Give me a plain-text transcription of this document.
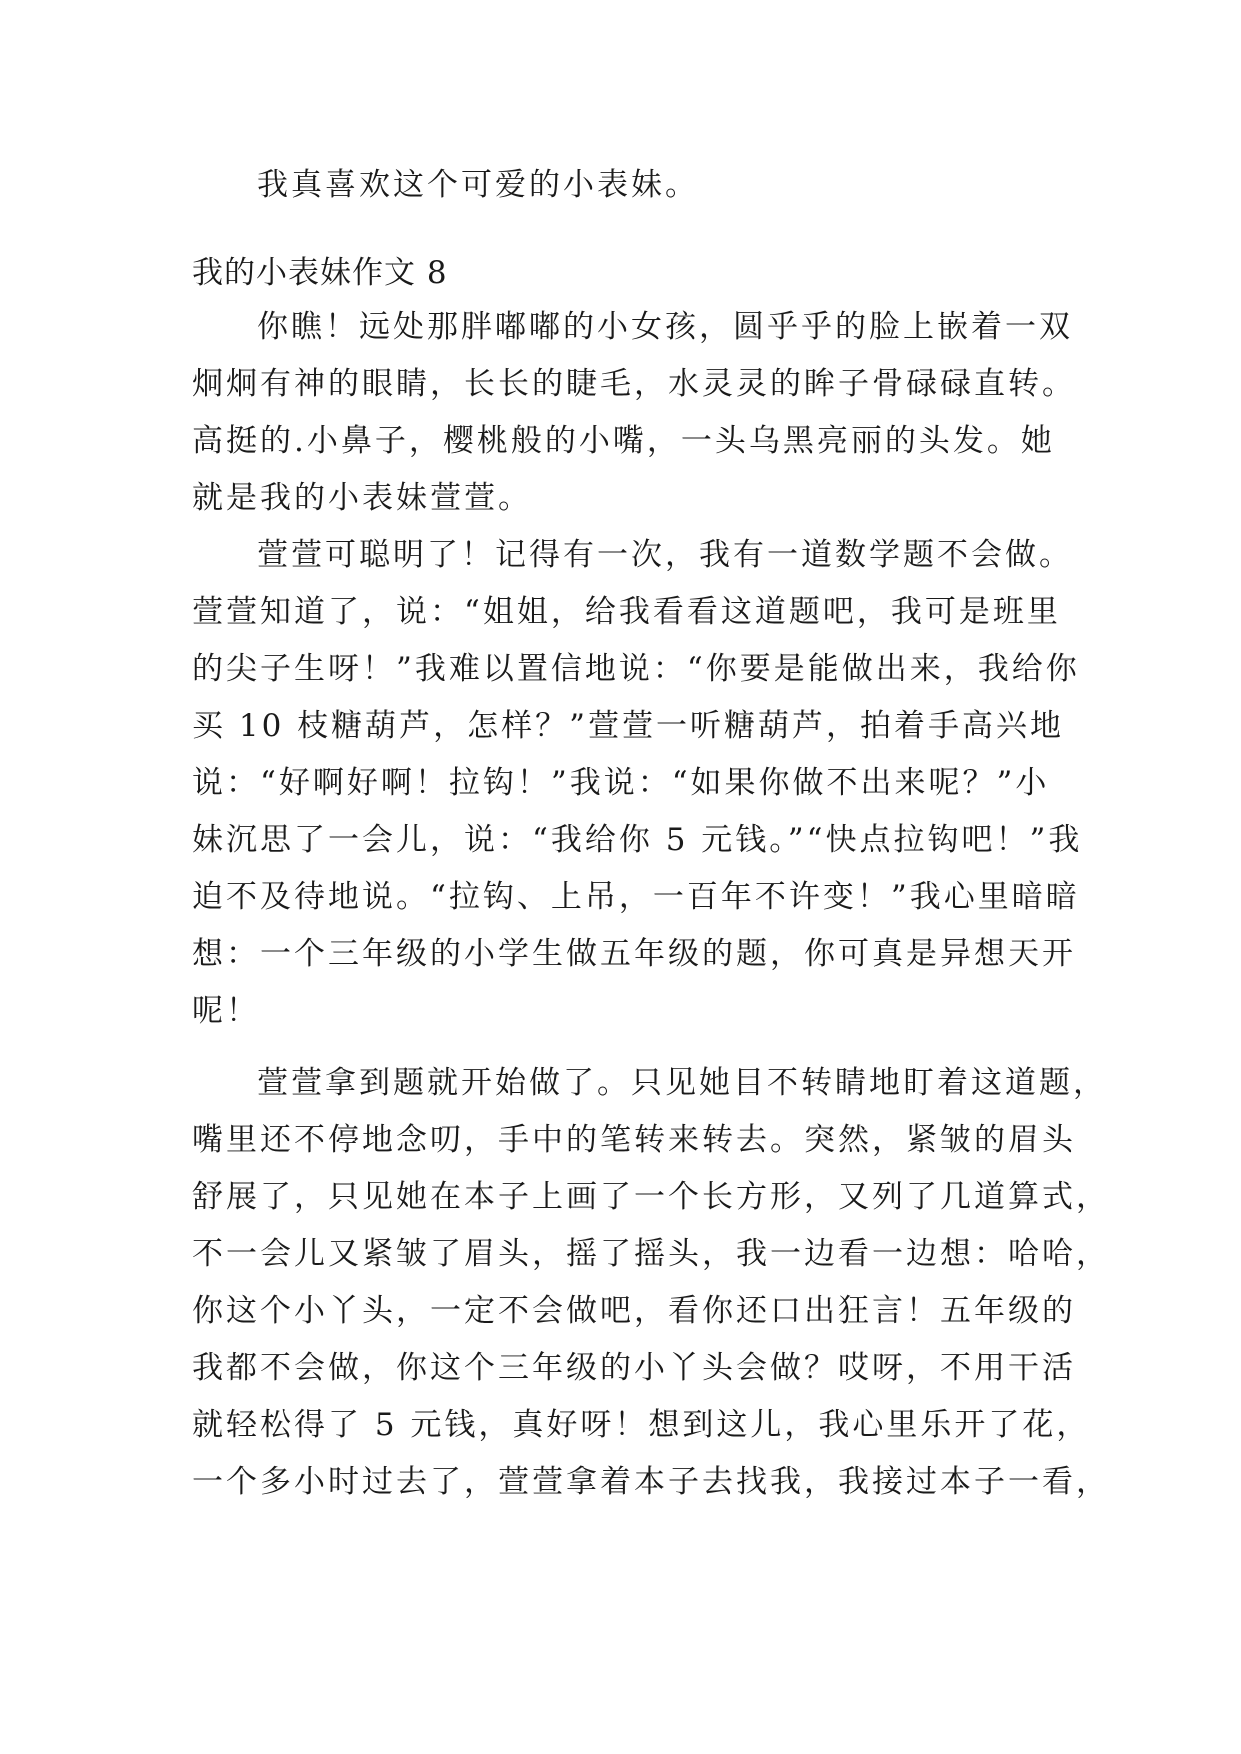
我真喜欢这个可爱的小表妹。
我的小表妹作文 8
你瞧！远处那胖嘟嘟的小女孩，圆乎乎的脸上嵌着一双
炯炯有神的眼睛，长长的睫毛，水灵灵的眸子骨碌碌直转。
高挺的.小鼻子，樱桃般的小嘴，一头乌黑亮丽的头发。她
就是我的小表妹萱萱。
萱萱可聪明了！记得有一次，我有一道数学题不会做。
萱萱知道了，说：“姐姐，给我看看这道题吧，我可是班里
的尖子生呀！”我难以置信地说：“你要是能做出来，我给你
买 10 枝糖葫芦，怎样？”萱萱一听糖葫芦，拍着手高兴地
说：“好啊好啊！拉钩！”我说：“如果你做不出来呢？”小
妹沉思了一会儿，说：“我给你 5 元钱。”“快点拉钩吧！”我
迫不及待地说。“拉钩、上吊，一百年不许变！”我心里暗暗
想：一个三年级的小学生做五年级的题，你可真是异想天开
呢！
萱萱拿到题就开始做了。只见她目不转睛地盯着这道题，
嘴里还不停地念叨，手中的笔转来转去。突然，紧皱的眉头
舒展了，只见她在本子上画了一个长方形，又列了几道算式，
不一会儿又紧皱了眉头，摇了摇头，我一边看一边想：哈哈，
你这个小丫头，一定不会做吧，看你还口出狂言！五年级的
我都不会做，你这个三年级的小丫头会做？哎呀，不用干活
就轻松得了 5 元钱，真好呀！想到这儿，我心里乐开了花，
一个多小时过去了，萱萱拿着本子去找我，我接过本子一看，
